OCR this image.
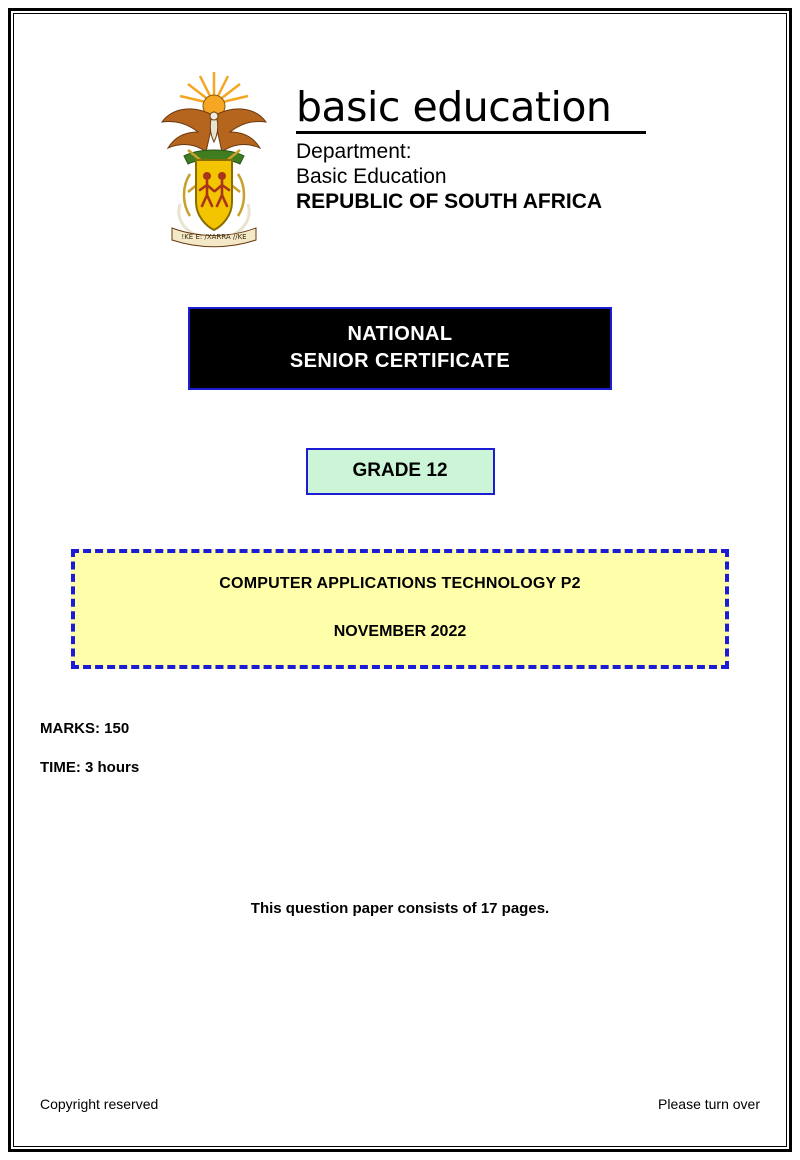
!KE E: /XARRA //KE
basic education
Department:
Basic Education
REPUBLIC OF SOUTH AFRICA
NATIONAL
SENIOR CERTIFICATE
GRADE 12
COMPUTER APPLICATIONS TECHNOLOGY P2
NOVEMBER 2022
MARKS: 150
TIME: 3 hours
This question paper consists of 17 pages.
Copyright reserved	Please turn over
